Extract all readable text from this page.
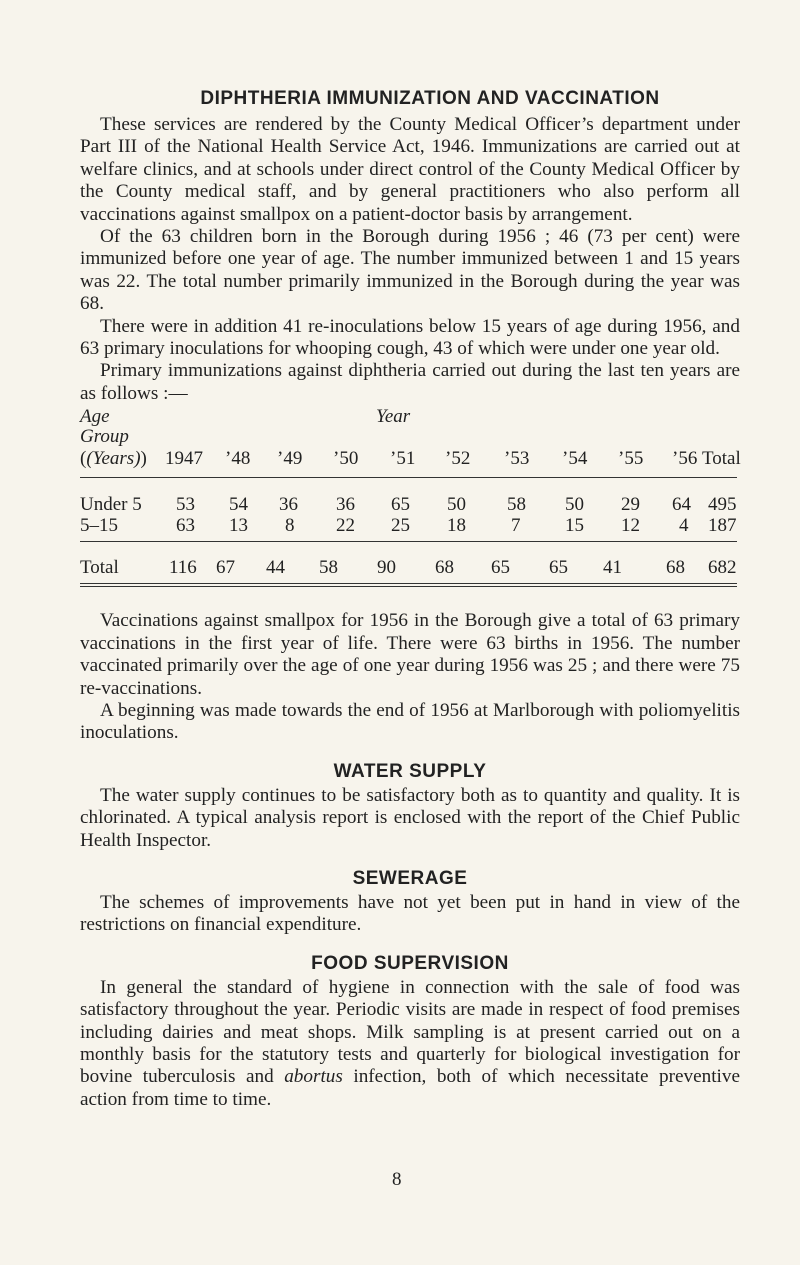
DIPHTHERIA IMMUNIZATION AND VACCINATION

These services are rendered by the County Medical Officer’s department under Part III of the National Health Service Act, 1946. Immunizations are carried out at welfare clinics, and at schools under direct control of the County Medical Officer by the County medical staff, and by general practitioners who also perform all vaccinations against smallpox on a patient-doctor basis by arrangement.

Of the 63 children born in the Borough during 1956 ; 46 (73 per cent) were immunized before one year of age. The number immunized between 1 and 15 years was 22. The total number primarily immunized in the Borough during the year was 68.

There were in addition 41 re-inoculations below 15 years of age during 1956, and 63 primary inoculations for whooping cough, 43 of which were under one year old.

Primary immunizations against diphtheria carried out during the last ten years are as follows :—

Age
Group
((Years))
Year
1947 ’48 ’49 ’50 ’51 ’52 ’53 ’54 ’55 ’56 Total
Under 5 53 54 36 36 65 50 58 50 29 64 495
5–15	63 13 8 22 25 18 7 15 12 4 187
Total	116 67 44 58 90 68 65 65 41 68 682

Vaccinations against smallpox for 1956 in the Borough give a total of 63 primary vaccinations in the first year of life. There were 63 births in 1956. The number vaccinated primarily over the age of one year during 1956 was 25 ; and there were 75 re-vaccinations.

A beginning was made towards the end of 1956 at Marlborough with poliomyelitis inoculations.

WATER SUPPLY

The water supply continues to be satisfactory both as to quantity and quality. It is chlorinated. A typical analysis report is enclosed with the report of the Chief Public Health Inspector.

SEWERAGE

The schemes of improvements have not yet been put in hand in view of the restrictions on financial expenditure.

FOOD SUPERVISION

In general the standard of hygiene in connection with the sale of food was satisfactory throughout the year. Periodic visits are made in respect of food premises including dairies and meat shops. Milk sampling is at present carried out on a monthly basis for the statutory tests and quarterly for biological investigation for bovine tuberculosis and abortus infection, both of which necessitate preventive action from time to time.

8
